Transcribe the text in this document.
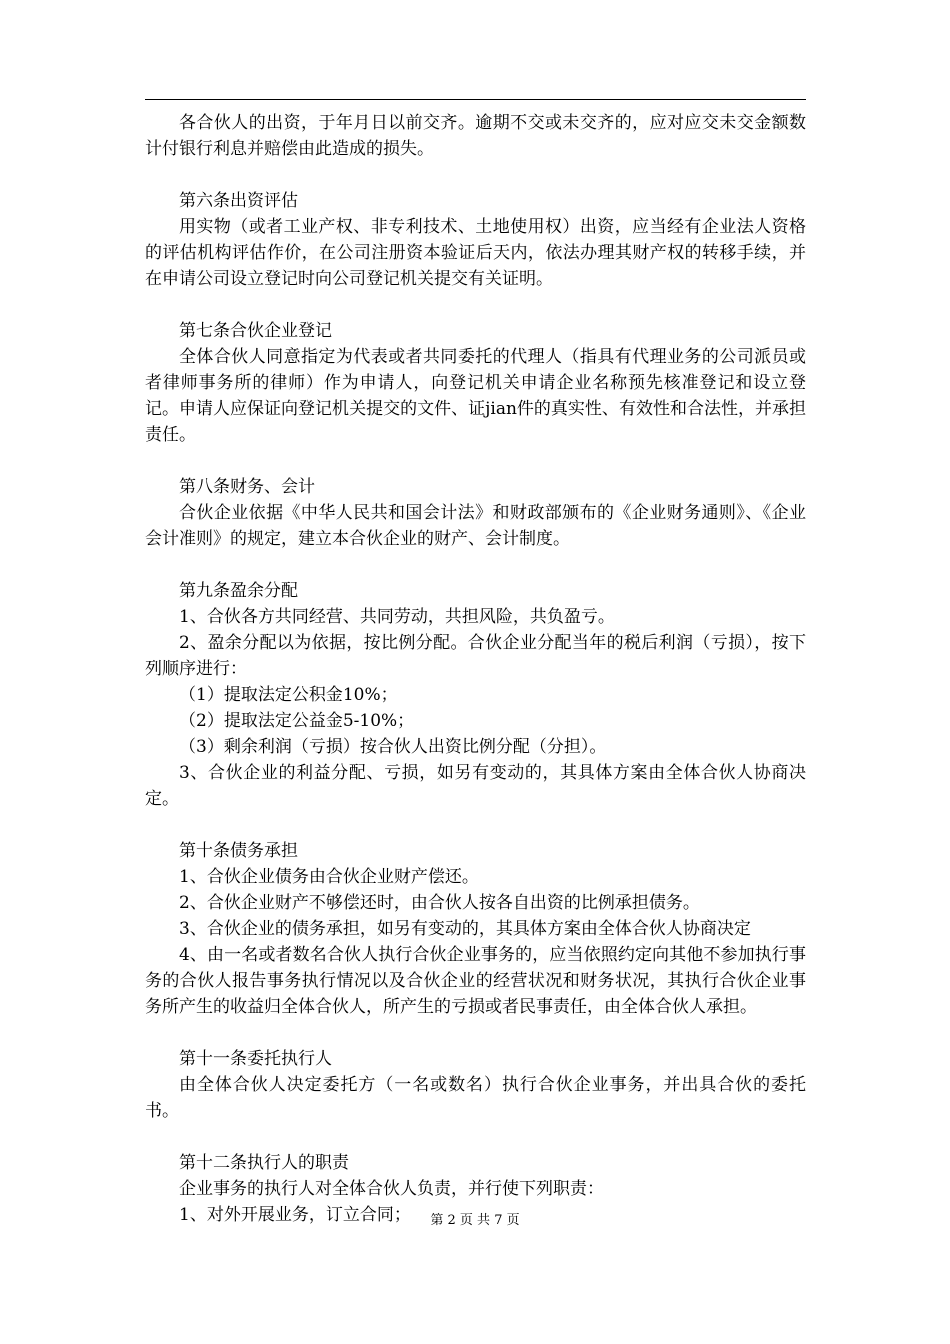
各合伙人的出资，于年月日以前交齐。逾期不交或未交齐的，应对应交未交金额数计付银行利息并赔偿由此造成的损失。

第六条出资评估

用实物（或者工业产权、非专利技术、土地使用权）出资，应当经有企业法人资格的评估机构评估作价，在公司注册资本验证后天内，依法办理其财产权的转移手续，并在申请公司设立登记时向公司登记机关提交有关证明。

第七条合伙企业登记

全体合伙人同意指定为代表或者共同委托的代理人（指具有代理业务的公司派员或者律师事务所的律师）作为申请人，向登记机关申请企业名称预先核准登记和设立登记。申请人应保证向登记机关提交的文件、证jian件的真实性、有效性和合法性，并承担责任。

第八条财务、会计

合伙企业依据《中华人民共和国会计法》和财政部颁布的《企业财务通则》、《企业会计准则》的规定，建立本合伙企业的财产、会计制度。

第九条盈余分配

1、合伙各方共同经营、共同劳动，共担风险，共负盈亏。

2、盈余分配以为依据，按比例分配。合伙企业分配当年的税后利润（亏损），按下列顺序进行：

（1）提取法定公积金10%；

（2）提取法定公益金5-10%；

（3）剩余利润（亏损）按合伙人出资比例分配（分担）。

3、合伙企业的利益分配、亏损，如另有变动的，其具体方案由全体合伙人协商决定。

第十条债务承担

1、合伙企业债务由合伙企业财产偿还。

2、合伙企业财产不够偿还时，由合伙人按各自出资的比例承担债务。

3、合伙企业的债务承担，如另有变动的，其具体方案由全体合伙人协商决定

4、由一名或者数名合伙人执行合伙企业事务的，应当依照约定向其他不参加执行事务的合伙人报告事务执行情况以及合伙企业的经营状况和财务状况，其执行合伙企业事务所产生的收益归全体合伙人，所产生的亏损或者民事责任，由全体合伙人承担。

第十一条委托执行人

由全体合伙人决定委托方（一名或数名）执行合伙企业事务，并出具合伙的委托书。

第十二条执行人的职责

企业事务的执行人对全体合伙人负责，并行使下列职责：

1、对外开展业务，订立合同；	第 2 页 共 7 页
